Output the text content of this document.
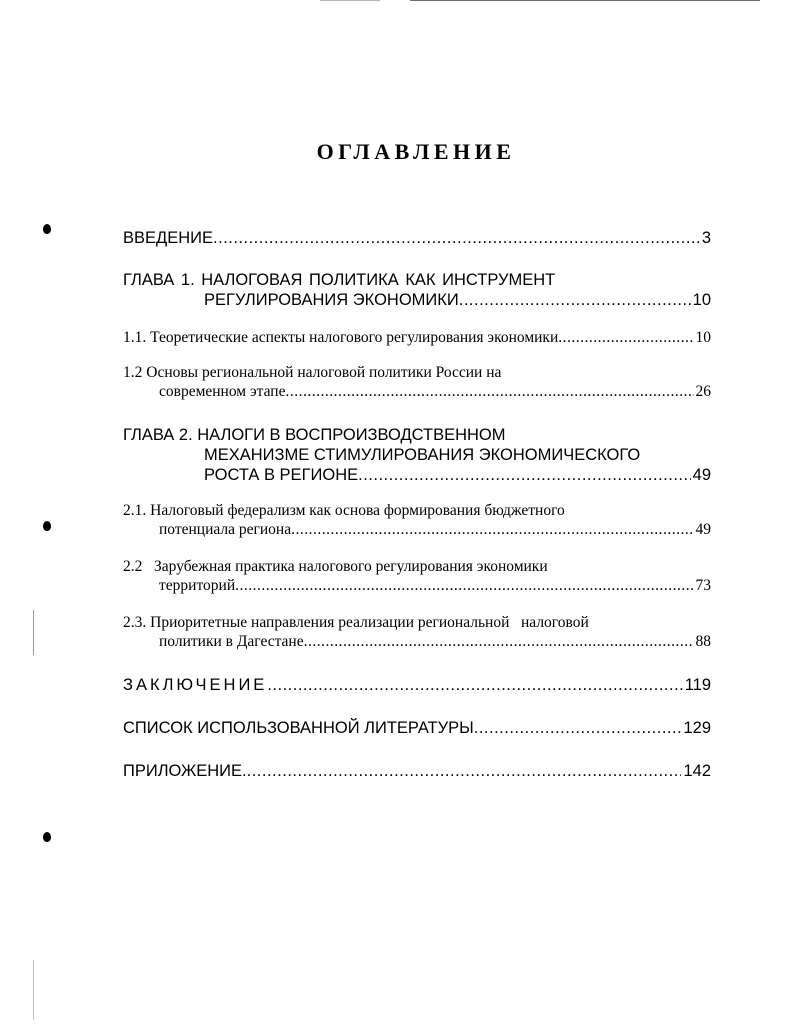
ОГЛАВЛЕНИЕ
ВВЕДЕНИЕ .....	3
ГЛАВА 1. НАЛОГОВАЯ ПОЛИТИКА КАК ИНСТРУМЕНТ
РЕГУЛИРОВАНИЯ ЭКОНОМИКИ .....	10
1.1. Теоретические аспекты налогового регулирования экономики .....	10
1.2 Основы региональной налоговой политики России на
современном этапе .....	26
ГЛАВА 2. НАЛОГИ В ВОСПРОИЗВОДСТВЕННОМ
МЕХАНИЗМЕ СТИМУЛИРОВАНИЯ ЭКОНОМИЧЕСКОГО
РОСТА В РЕГИОНЕ .....	49
2.1. Налоговый федерализм как основа формирования бюджетного
потенциала региона .....	49
2.2   Зарубежная практика налогового регулирования экономики
территорий .....	73
2.3. Приоритетные направления реализации региональной   налоговой
политики в Дагестане .....	88
ЗАКЛЮЧЕНИЕ .....	119
СПИСОК ИСПОЛЬЗОВАННОЙ ЛИТЕРАТУРЫ .....	129
ПРИЛОЖЕНИЕ. .....	142
